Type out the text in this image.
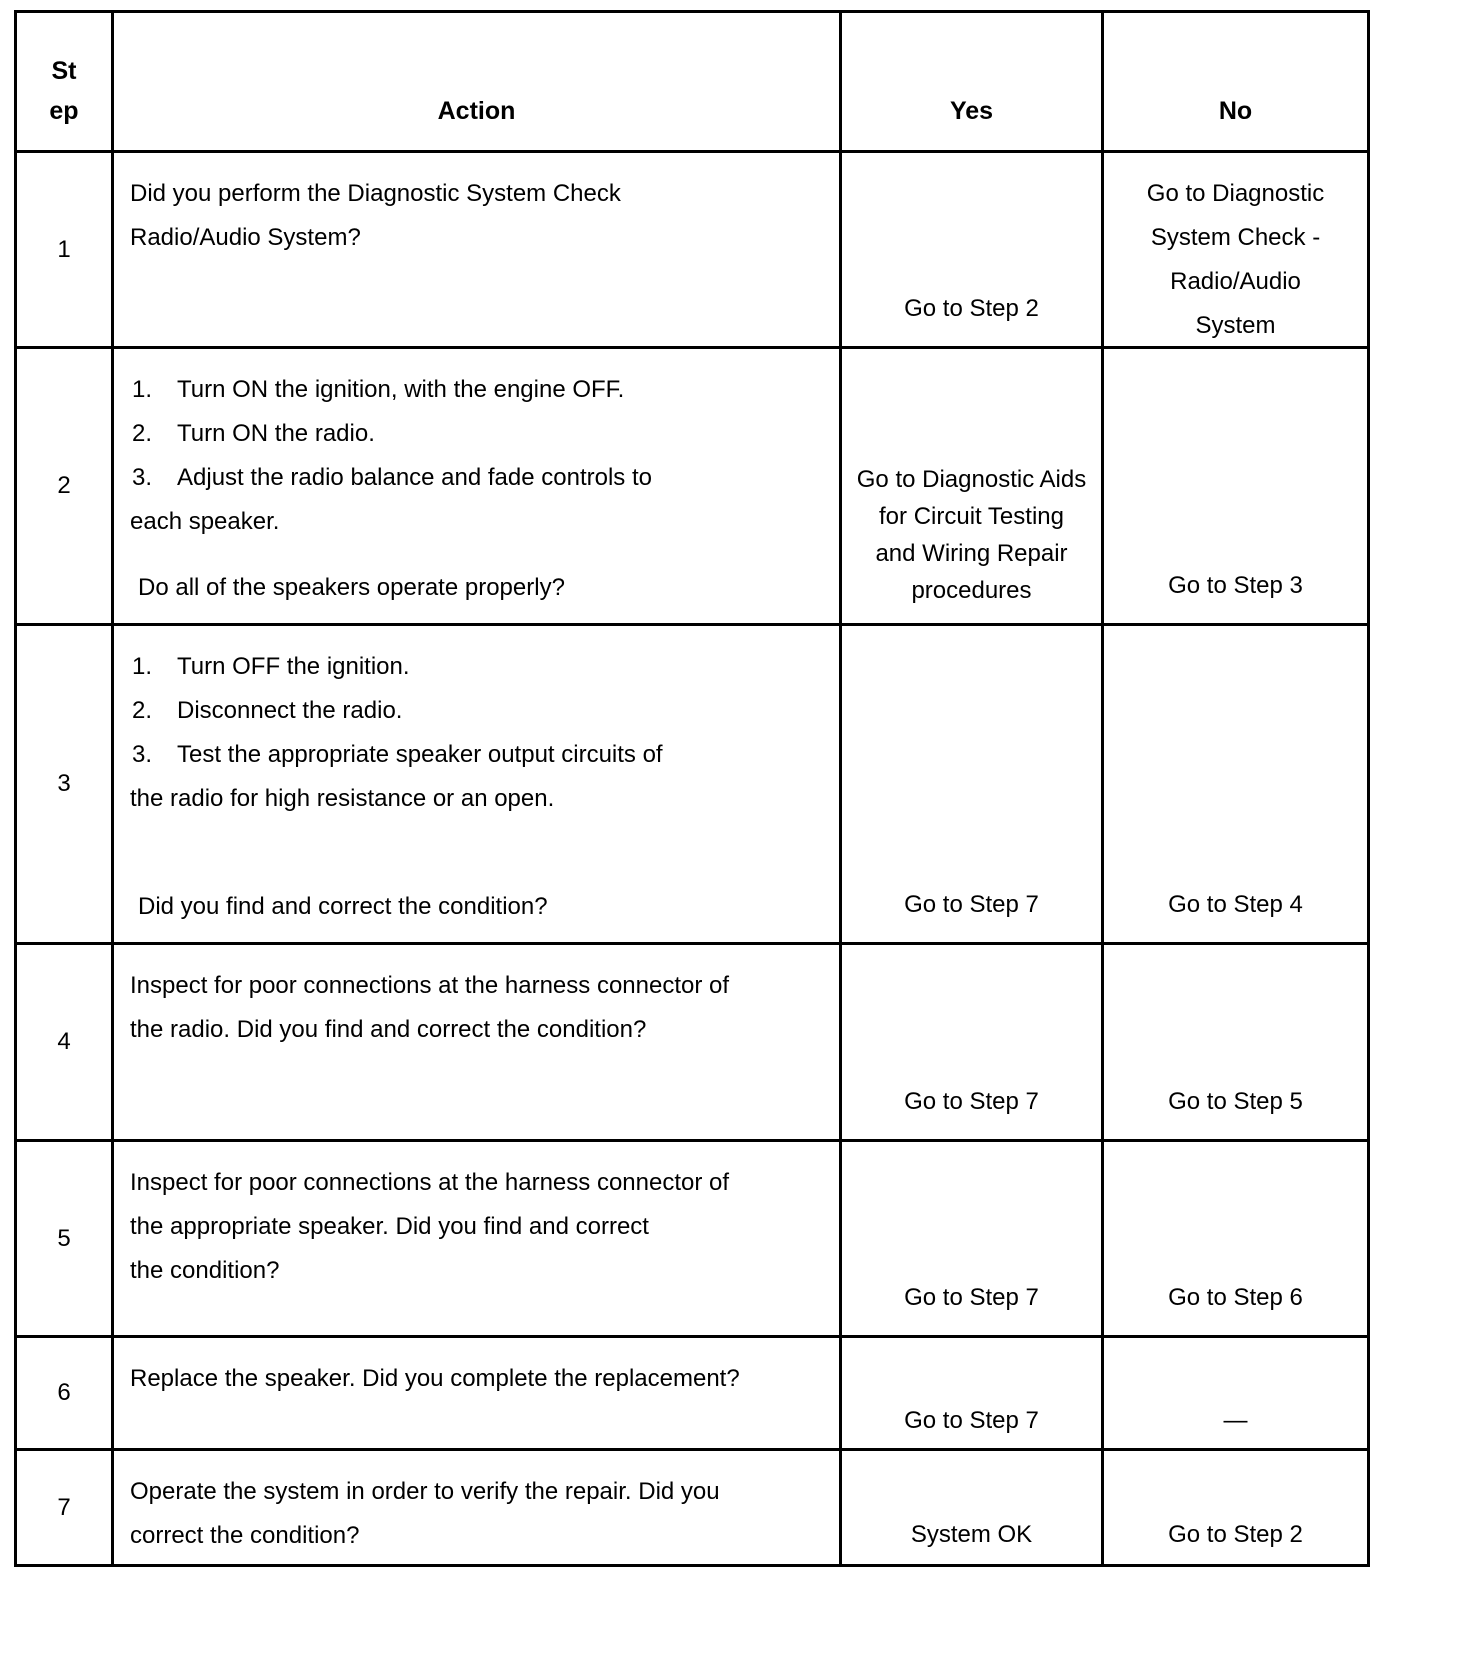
St
ep	Action	Yes	No

1	Did you perform the Diagnostic System Check
Radio/Audio System?	Go to Step 2	Go to Diagnostic
System Check -
Radio/Audio
System

2	1. Turn ON the ignition, with the engine OFF.
2. Turn ON the radio.
3. Adjust the radio balance and fade controls to
each speaker.
Do all of the speakers operate properly?	Go to Diagnostic Aids
for Circuit Testing
and Wiring Repair
procedures	Go to Step 3

3	1. Turn OFF the ignition.
2. Disconnect the radio.
3. Test the appropriate speaker output circuits of
the radio for high resistance or an open.
Did you find and correct the condition?	Go to Step 7	Go to Step 4

4	Inspect for poor connections at the harness connector of
the radio. Did you find and correct the condition?	Go to Step 7	Go to Step 5

5	Inspect for poor connections at the harness connector of
the appropriate speaker. Did you find and correct
the condition?	Go to Step 7	Go to Step 6

6	Replace the speaker. Did you complete the replacement?	Go to Step 7	—

7	Operate the system in order to verify the repair. Did you
correct the condition?	System OK	Go to Step 2
